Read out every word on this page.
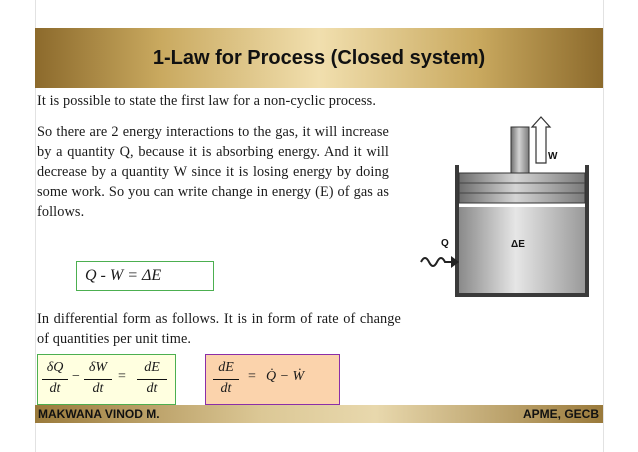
1-Law for Process (Closed system)
It is possible to state the first law for a non-cyclic process.
So there are 2 energy interactions to the gas, it will increase by a quantity Q, because it is absorbing energy. And it will decrease by a quantity W since it is losing energy by doing some work. So you can write change in energy (E) of gas as follows.
Q - W = ΔE
In differential form as follows. It is in form of rate of change of quantities per unit time.
δQ
dt
−
δW
dt
=
dE
dt
dE
dt
= Q̇ − Ẇ
W
Q	ΔE
MAKWANA VINOD M.	APME, GECB
